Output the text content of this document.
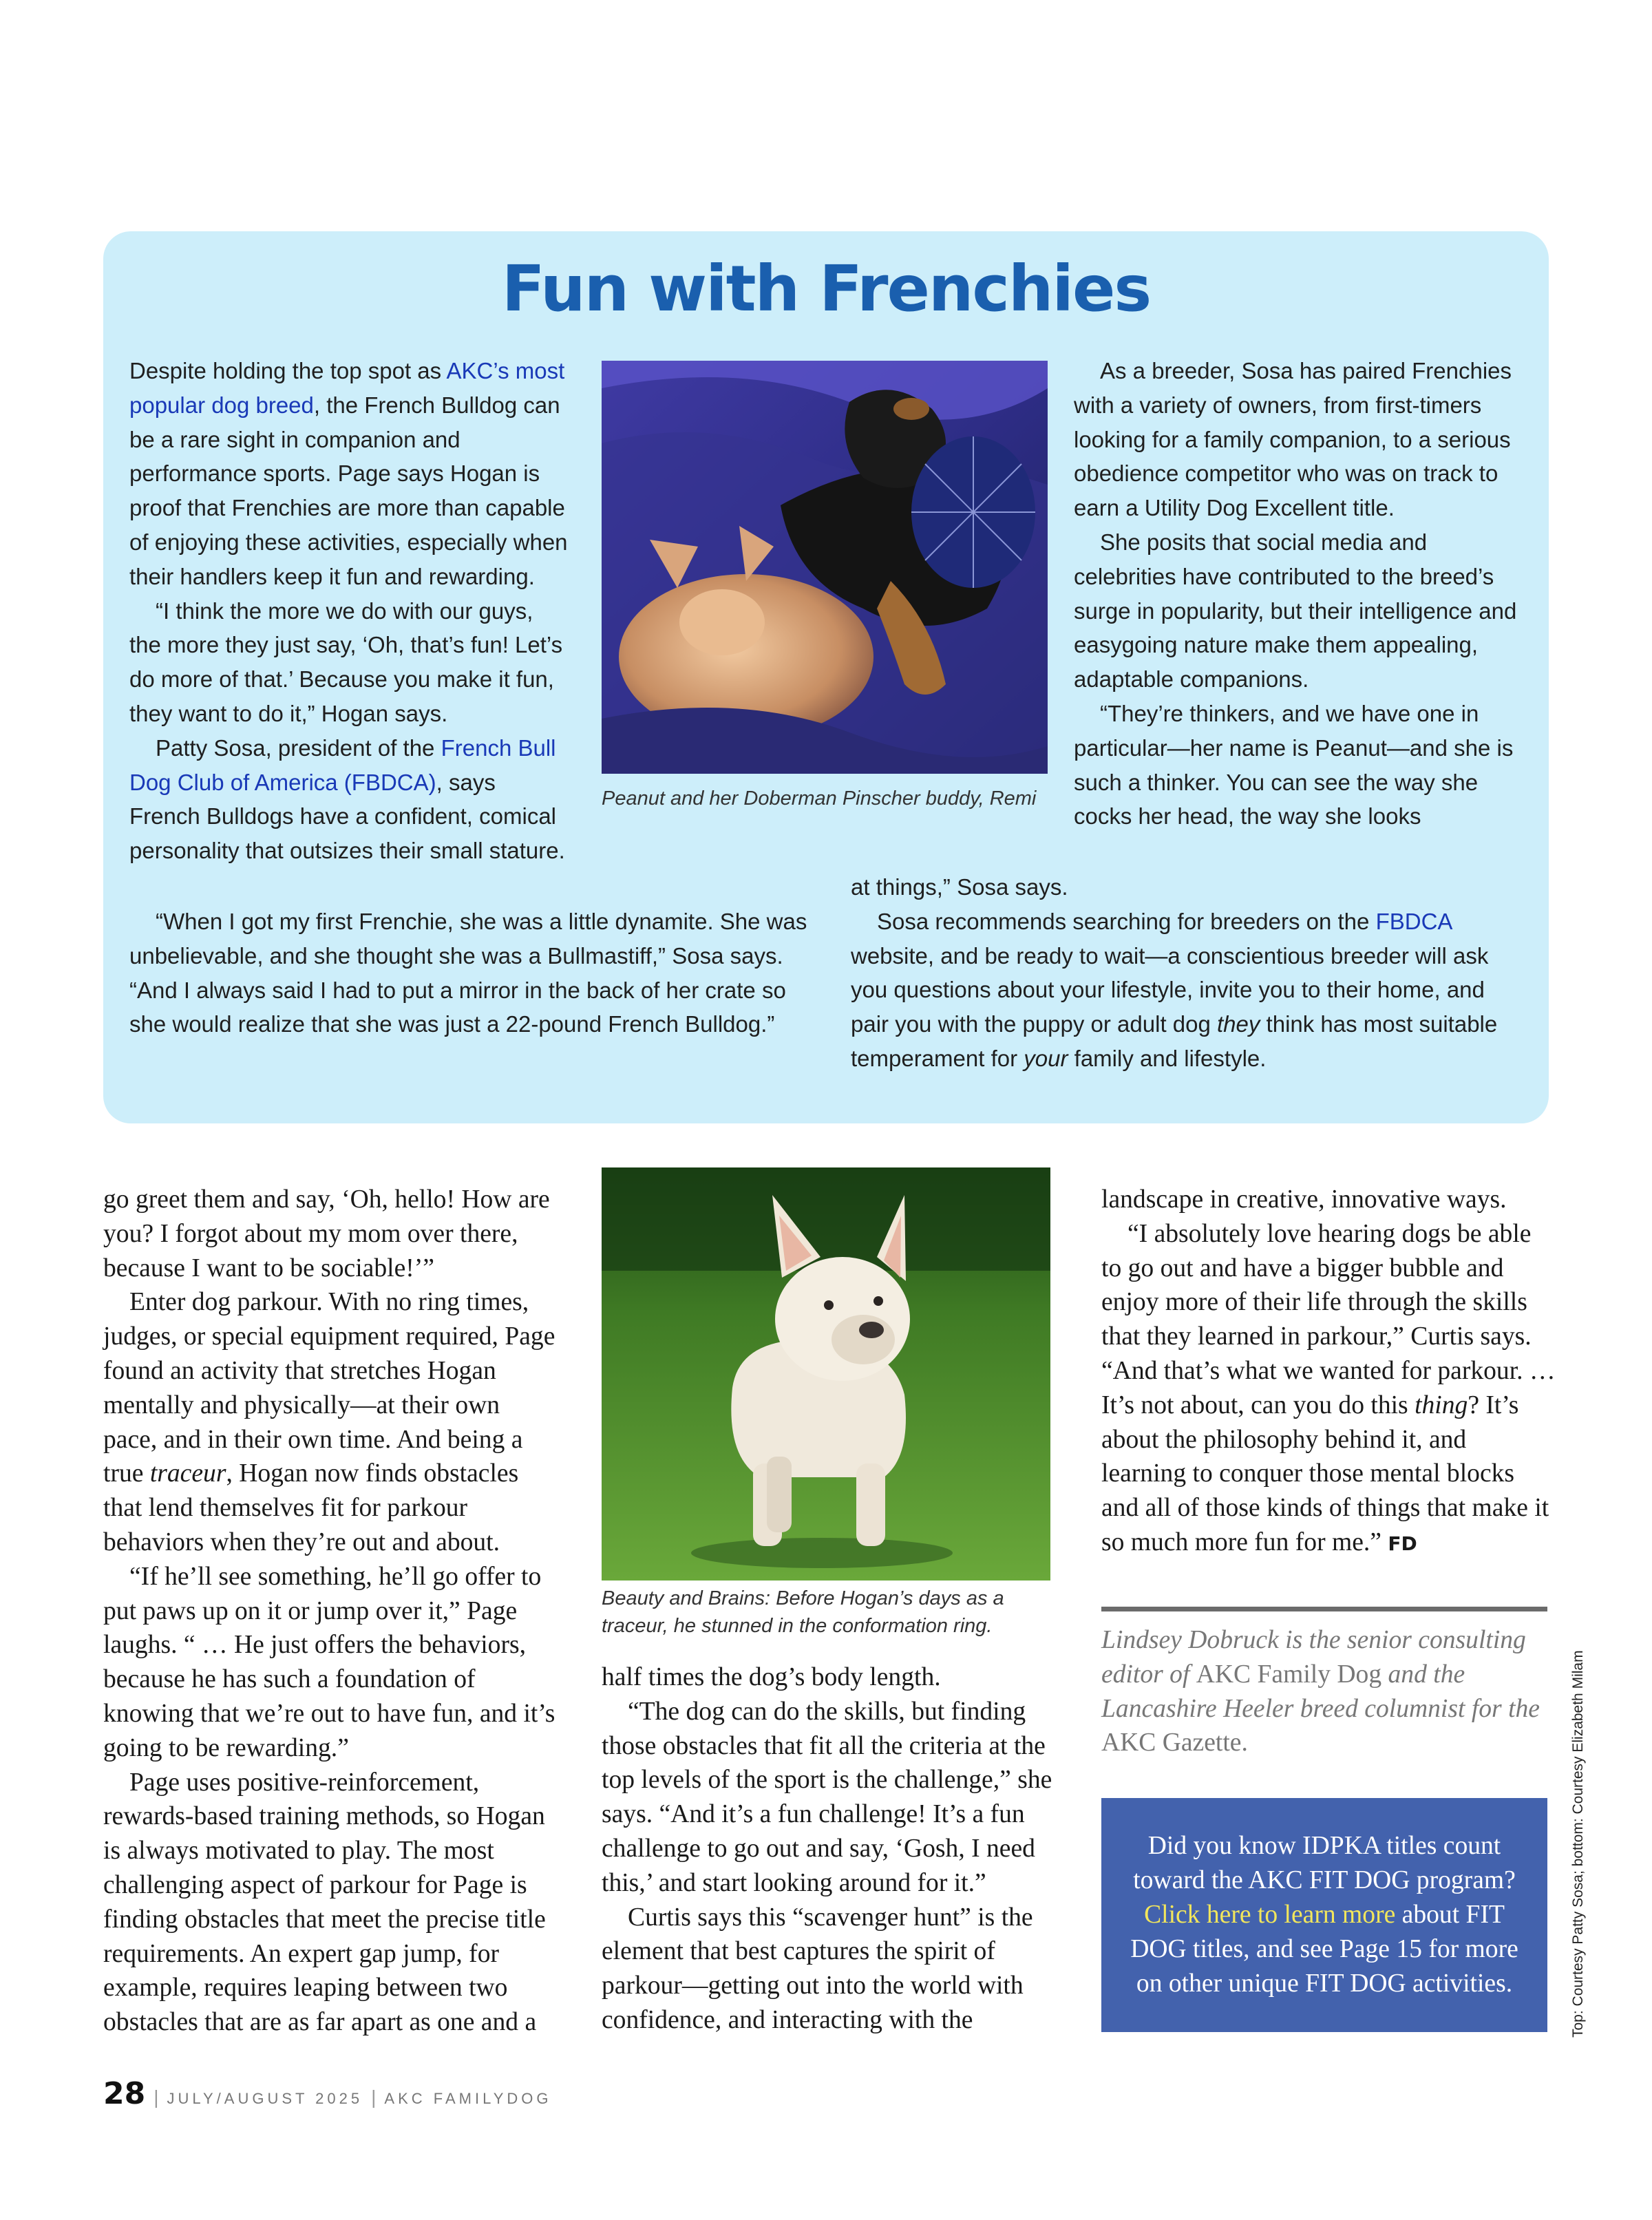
Fun with Frenchies

Despite holding the top spot as AKC’s most popular dog breed, the French Bulldog can be a rare sight in companion and performance sports. Page says Hogan is proof that Frenchies are more than capable of enjoying these activities, especially when their handlers keep it fun and rewarding.

“I think the more we do with our guys, the more they just say, ‘Oh, that’s fun! Let’s do more of that.’ Because you make it fun, they want to do it,” Hogan says.

Patty Sosa, president of the French Bull Dog Club of America (FBDCA), says French Bulldogs have a confident, comical personality that outsizes their small stature.

“When I got my first Frenchie, she was a little dynamite. She was unbelievable, and she thought she was a Bullmastiff,” Sosa says. “And I always said I had to put a mirror in the back of her crate so she would realize that she was just a 22-pound French Bulldog.”

at things,” Sosa says.

Sosa recommends searching for breeders on the FBDCA website, and be ready to wait—a conscientious breeder will ask you questions about your lifestyle, invite you to their home, and pair you with the puppy or adult dog they think has most suitable temperament for your family and lifestyle.

As a breeder, Sosa has paired Frenchies with a variety of owners, from first-timers looking for a family companion, to a serious obedience competitor who was on track to earn a Utility Dog Excellent title.

She posits that social media and celebrities have contributed to the breed’s surge in popularity, but their intelligence and easygoing nature make them appealing, adaptable companions.

“They’re thinkers, and we have one in particular—her name is Peanut—and she is such a thinker. You can see the way she cocks her head, the way she looks

Peanut and her Doberman Pinscher buddy, Remi

go greet them and say, ‘Oh, hello! How are you? I forgot about my mom over there, because I want to be sociable!’”

Enter dog parkour. With no ring times, judges, or special equipment required, Page found an activity that stretches Hogan mentally and physically—at their own pace, and in their own time. And being a true traceur, Hogan now finds obstacles that lend themselves fit for parkour behaviors when they’re out and about.

“If he’ll see something, he’ll go offer to put paws up on it or jump over it,” Page laughs. “ … He just offers the behaviors, because he has such a foundation of knowing that we’re out to have fun, and it’s going to be rewarding.”

Page uses positive-reinforcement, rewards-based training methods, so Hogan is always motivated to play. The most challenging aspect of parkour for Page is finding obstacles that meet the precise title requirements. An expert gap jump, for example, requires leaping between two obstacles that are as far apart as one and a

Beauty and Brains: Before Hogan’s days as a traceur, he stunned in the conformation ring.

half times the dog’s body length.

“The dog can do the skills, but finding those obstacles that fit all the criteria at the top levels of the sport is the challenge,” she says. “And it’s a fun challenge! It’s a fun challenge to go out and say, ‘Gosh, I need this,’ and start looking around for it.”

Curtis says this “scavenger hunt” is the element that best captures the spirit of parkour—getting out into the world with confidence, and interacting with the

landscape in creative, innovative ways.

“I absolutely love hearing dogs be able to go out and have a bigger bubble and enjoy more of their life through the skills that they learned in parkour,” Curtis says. “And that’s what we wanted for parkour. … It’s not about, can you do this thing? It’s about the philosophy behind it, and learning to conquer those mental blocks and all of those kinds of things that make it so much more fun for me.” FD

Lindsey Dobruck is the senior consulting editor of AKC Family Dog and the Lancashire Heeler breed columnist for the AKC Gazette.
Did you know IDPKA titles count toward the AKC FIT DOG program? Click here to learn more about FIT DOG titles, and see Page 15 for more on other unique FIT DOG activities.	Top: Courtesy Patty Sosa; bottom: Courtesy Elizabeth Milam
28 | JULY/AUGUST 2025 | AKC FAMILYDOG
